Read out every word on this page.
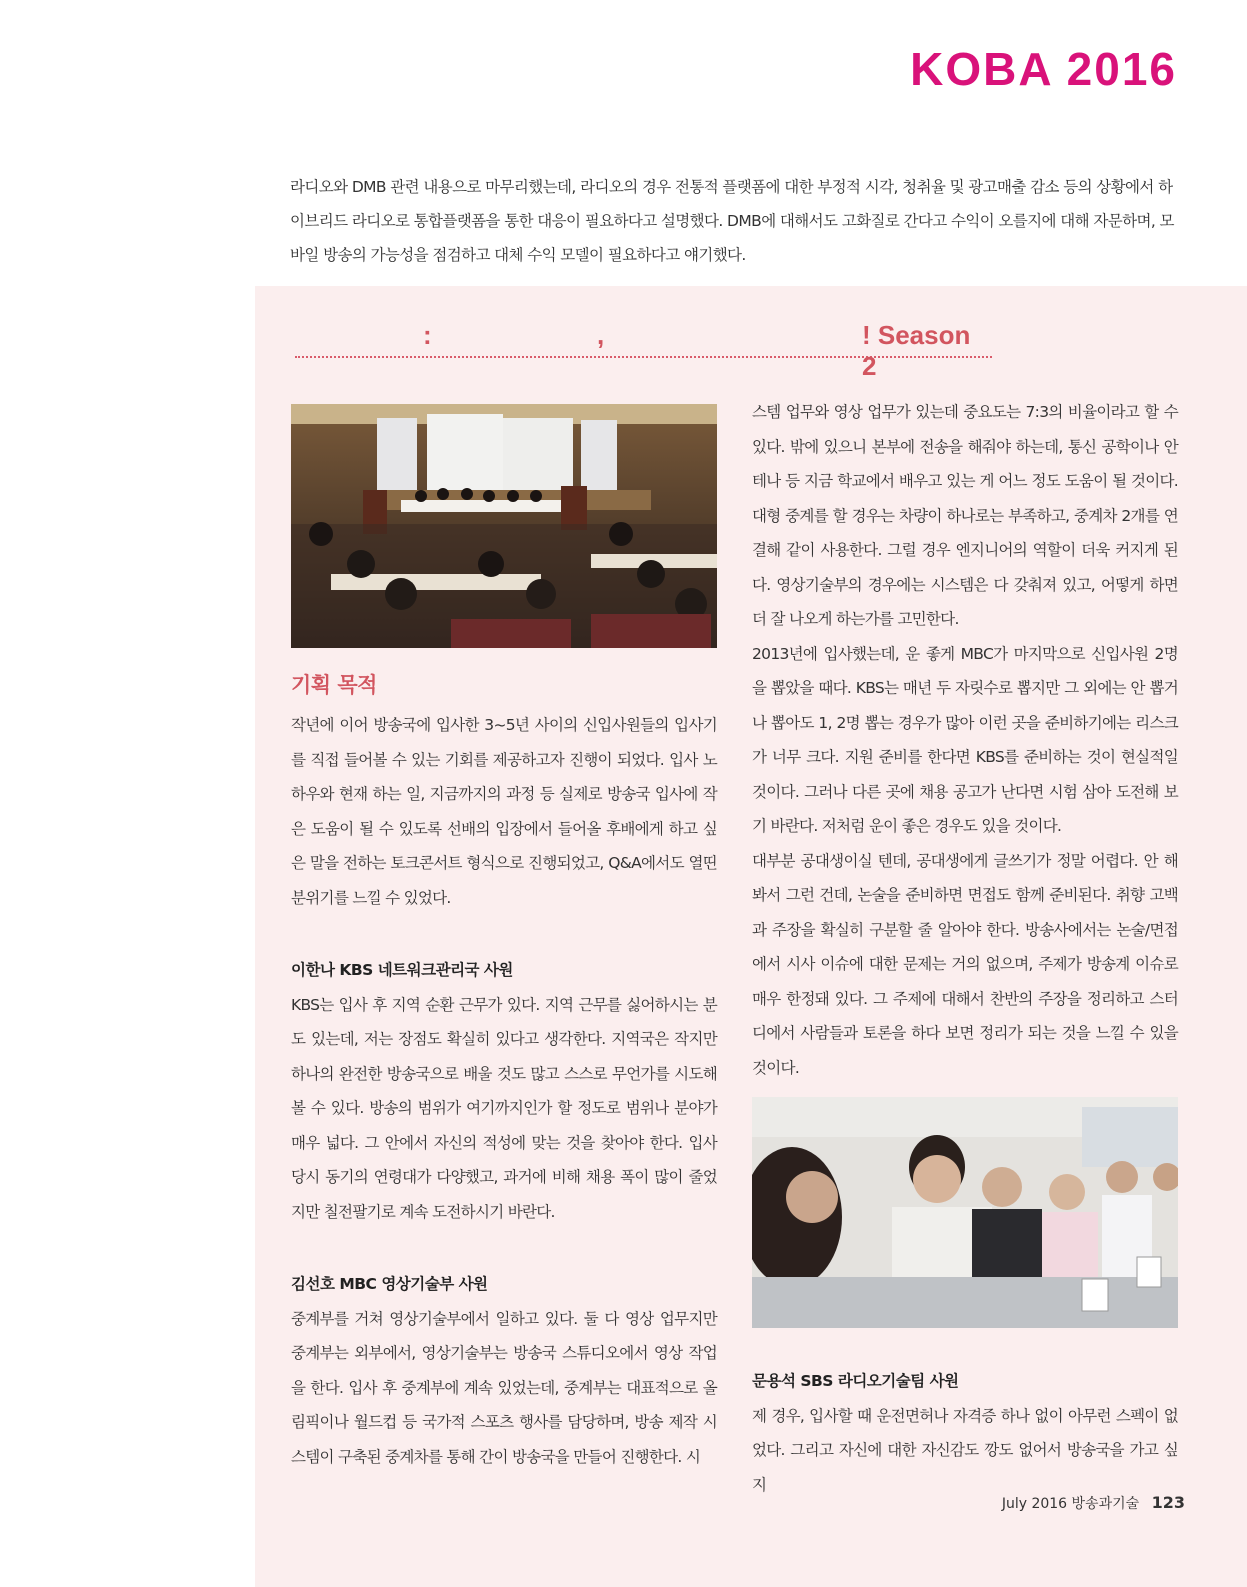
KOBA 2016

라디오와 DMB 관련 내용으로 마무리했는데, 라디오의 경우 전통적 플랫폼에 대한 부정적 시각, 청취율 및 광고매출 감소 등의 상황에서 하이브리드 라디오로 통합플랫폼을 통한 대응이 필요하다고 설명했다. DMB에 대해서도 고화질로 간다고 수익이 오를지에 대해 자문하며, 모바일 방송의 가능성을 점검하고 대체 수익 모델이 필요하다고 얘기했다.

:	,	! Season 2
기획 목적

작년에 이어 방송국에 입사한 3~5년 사이의 신입사원들의 입사기를 직접 들어볼 수 있는 기회를 제공하고자 진행이 되었다. 입사 노하우와 현재 하는 일, 지금까지의 과정 등 실제로 방송국 입사에 작은 도움이 될 수 있도록 선배의 입장에서 들어올 후배에게 하고 싶은 말을 전하는 토크콘서트 형식으로 진행되었고, Q&A에서도 열띤 분위기를 느낄 수 있었다.

이한나 KBS 네트워크관리국 사원

KBS는 입사 후 지역 순환 근무가 있다. 지역 근무를 싫어하시는 분도 있는데, 저는 장점도 확실히 있다고 생각한다. 지역국은 작지만 하나의 완전한 방송국으로 배울 것도 많고 스스로 무언가를 시도해 볼 수 있다. 방송의 범위가 여기까지인가 할 정도로 범위나 분야가 매우 넓다. 그 안에서 자신의 적성에 맞는 것을 찾아야 한다. 입사 당시 동기의 연령대가 다양했고, 과거에 비해 채용 폭이 많이 줄었지만 칠전팔기로 계속 도전하시기 바란다.

김선호 MBC 영상기술부 사원

중계부를 거쳐 영상기술부에서 일하고 있다. 둘 다 영상 업무지만 중계부는 외부에서, 영상기술부는 방송국 스튜디오에서 영상 작업을 한다. 입사 후 중계부에 계속 있었는데, 중계부는 대표적으로 올림픽이나 월드컵 등 국가적 스포츠 행사를 담당하며, 방송 제작 시스템이 구축된 중계차를 통해 간이 방송국을 만들어 진행한다. 시

스템 업무와 영상 업무가 있는데 중요도는 7:3의 비율이라고 할 수 있다. 밖에 있으니 본부에 전송을 해줘야 하는데, 통신 공학이나 안테나 등 지금 학교에서 배우고 있는 게 어느 정도 도움이 될 것이다. 대형 중계를 할 경우는 차량이 하나로는 부족하고, 중계차 2개를 연결해 같이 사용한다. 그럴 경우 엔지니어의 역할이 더욱 커지게 된다. 영상기술부의 경우에는 시스템은 다 갖춰져 있고, 어떻게 하면 더 잘 나오게 하는가를 고민한다.

2013년에 입사했는데, 운 좋게 MBC가 마지막으로 신입사원 2명을 뽑았을 때다. KBS는 매년 두 자릿수로 뽑지만 그 외에는 안 뽑거나 뽑아도 1, 2명 뽑는 경우가 많아 이런 곳을 준비하기에는 리스크가 너무 크다. 지원 준비를 한다면 KBS를 준비하는 것이 현실적일 것이다. 그러나 다른 곳에 채용 공고가 난다면 시험 삼아 도전해 보기 바란다. 저처럼 운이 좋은 경우도 있을 것이다.

대부분 공대생이실 텐데, 공대생에게 글쓰기가 정말 어렵다. 안 해봐서 그런 건데, 논술을 준비하면 면접도 함께 준비된다. 취향 고백과 주장을 확실히 구분할 줄 알아야 한다. 방송사에서는 논술/면접에서 시사 이슈에 대한 문제는 거의 없으며, 주제가 방송계 이슈로 매우 한정돼 있다. 그 주제에 대해서 찬반의 주장을 정리하고 스터디에서 사람들과 토론을 하다 보면 정리가 되는 것을 느낄 수 있을 것이다.

문용석 SBS 라디오기술팀 사원

제 경우, 입사할 때 운전면허나 자격증 하나 없이 아무런 스펙이 없었다. 그리고 자신에 대한 자신감도 깡도 없어서 방송국을 가고 싶지

July 2016 방송과기술 123
